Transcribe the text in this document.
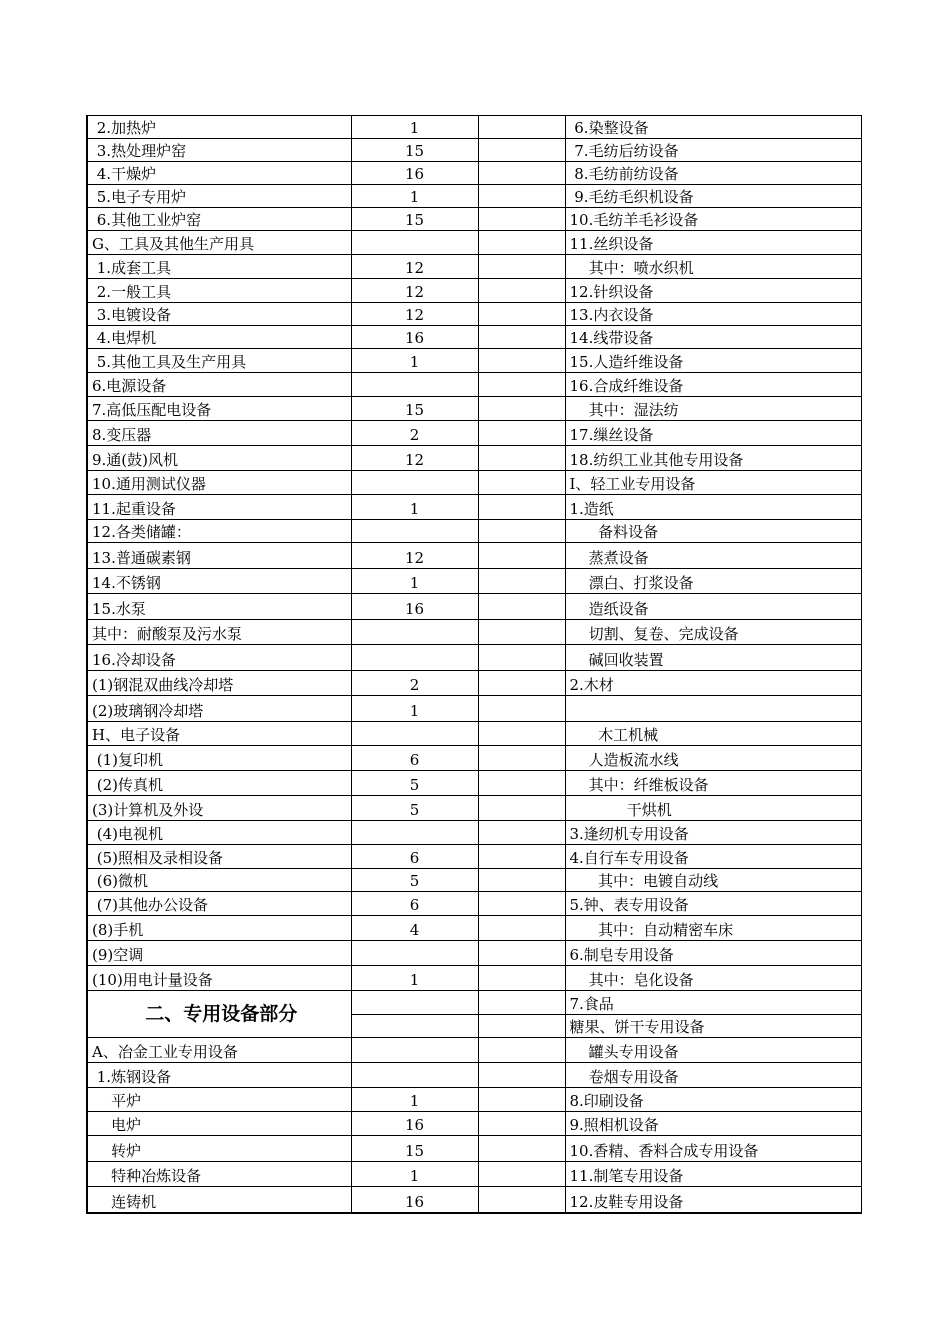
2.加热炉	1		6.染整设备
3.热处理炉窑	15		7.毛纺后纺设备
4.干燥炉	16		8.毛纺前纺设备
5.电子专用炉	1		9.毛纺毛织机设备
6.其他工业炉窑	15		10.毛纺羊毛衫设备
G、工具及其他生产用具			11.丝织设备
1.成套工具	12		其中：喷水织机
2.一般工具	12		12.针织设备
3.电镀设备	12		13.内衣设备
4.电焊机	16		14.线带设备
5.其他工具及生产用具	1		15.人造纤维设备
6.电源设备			16.合成纤维设备
7.高低压配电设备	15		其中：湿法纺
8.变压器	2		17.缫丝设备
9.通(鼓)风机	12		18.纺织工业其他专用设备
10.通用测试仪器			Ⅰ、轻工业专用设备
11.起重设备	1		1.造纸
12.各类储罐：			备料设备
13.普通碳素钢	12		蒸煮设备
14.不锈钢	1		漂白、打浆设备
15.水泵	16		造纸设备
其中：耐酸泵及污水泵			切割、复卷、完成设备
16.冷却设备			碱回收装置
(1)钢混双曲线冷却塔	2		2.木材
(2)玻璃钢冷却塔	1		
H、电子设备			木工机械
(1)复印机	6		人造板流水线
(2)传真机	5		其中：纤维板设备
(3)计算机及外设	5		干烘机
(4)电视机			3.逢纫机专用设备
(5)照相及录相设备	6		4.自行车专用设备
(6)微机	5		其中：电镀自动线
(7)其他办公设备	6		5.钟、表专用设备
(8)手机	4		其中：自动精密车床
(9)空调			6.制皂专用设备
(10)用电计量设备	1		其中：皂化设备
二、专用设备部分			7.食品
			糖果、饼干专用设备
A、冶金工业专用设备			罐头专用设备
1.炼钢设备			卷烟专用设备
平炉	1		8.印刷设备
电炉	16		9.照相机设备
转炉	15		10.香精、香料合成专用设备
特种冶炼设备	1		11.制笔专用设备
连铸机	16		12.皮鞋专用设备
